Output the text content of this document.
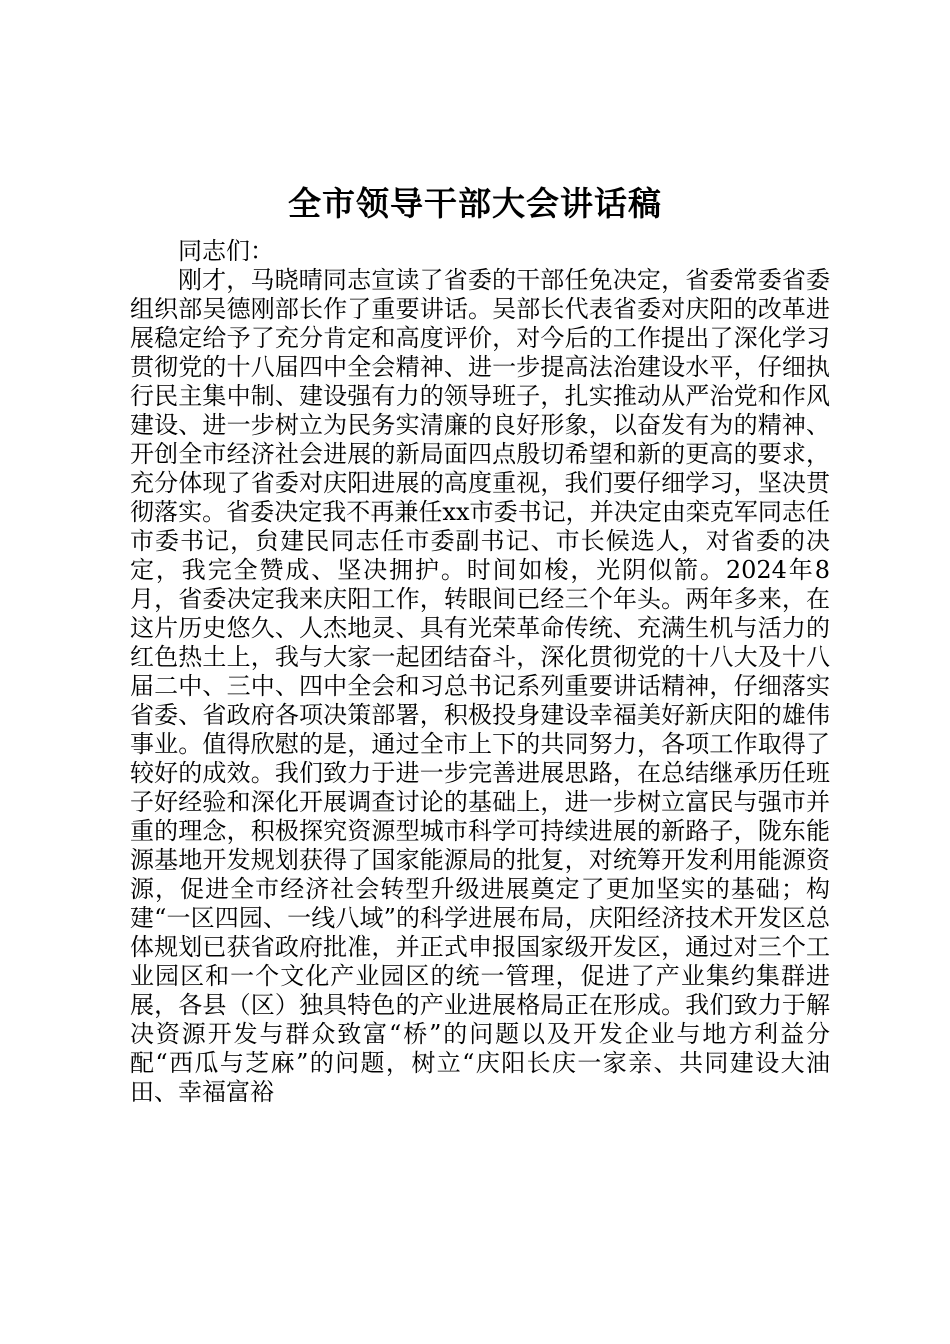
全市领导干部大会讲话稿

同志们：

刚才，马晓晴同志宣读了省委的干部任免决定，省委常委省委组织部吴德刚部长作了重要讲话。吴部长代表省委对庆阳的改革进展稳定给予了充分肯定和高度评价，对今后的工作提出了深化学习贯彻党的十八届四中全会精神、进一步提高法治建设水平，仔细执行民主集中制、建设强有力的领导班子，扎实推动从严治党和作风建设、进一步树立为民务实清廉的良好形象，以奋发有为的精神、开创全市经济社会进展的新局面四点殷切希望和新的更高的要求，充分体现了省委对庆阳进展的高度重视，我们要仔细学习，坚决贯彻落实。省委决定我不再兼任xx市委书记，并决定由栾克军同志任市委书记，贠建民同志任市委副书记、市长候选人，对省委的决定，我完全赞成、坚决拥护。时间如梭，光阴似箭。2024年8月，省委决定我来庆阳工作，转眼间已经三个年头。两年多来，在这片历史悠久、人杰地灵、具有光荣革命传统、充满生机与活力的红色热土上，我与大家一起团结奋斗，深化贯彻党的十八大及十八届二中、三中、四中全会和习总书记系列重要讲话精神，仔细落实省委、省政府各项决策部署，积极投身建设幸福美好新庆阳的雄伟事业。值得欣慰的是，通过全市上下的共同努力，各项工作取得了较好的成效。我们致力于进一步完善进展思路，在总结继承历任班子好经验和深化开展调查讨论的基础上，进一步树立富民与强市并重的理念，积极探究资源型城市科学可持续进展的新路子，陇东能源基地开发规划获得了国家能源局的批复，对统筹开发利用能源资源，促进全市经济社会转型升级进展奠定了更加坚实的基础；构建“一区四园、一线八域”的科学进展布局，庆阳经济技术开发区总体规划已获省政府批准，并正式申报国家级开发区，通过对三个工业园区和一个文化产业园区的统一管理，促进了产业集约集群进展，各县（区）独具特色的产业进展格局正在形成。我们致力于解决资源开发与群众致富“桥”的问题以及开发企业与地方利益分配“西瓜与芝麻”的问题，树立“庆阳长庆一家亲、共同建设大油田、幸福富裕
